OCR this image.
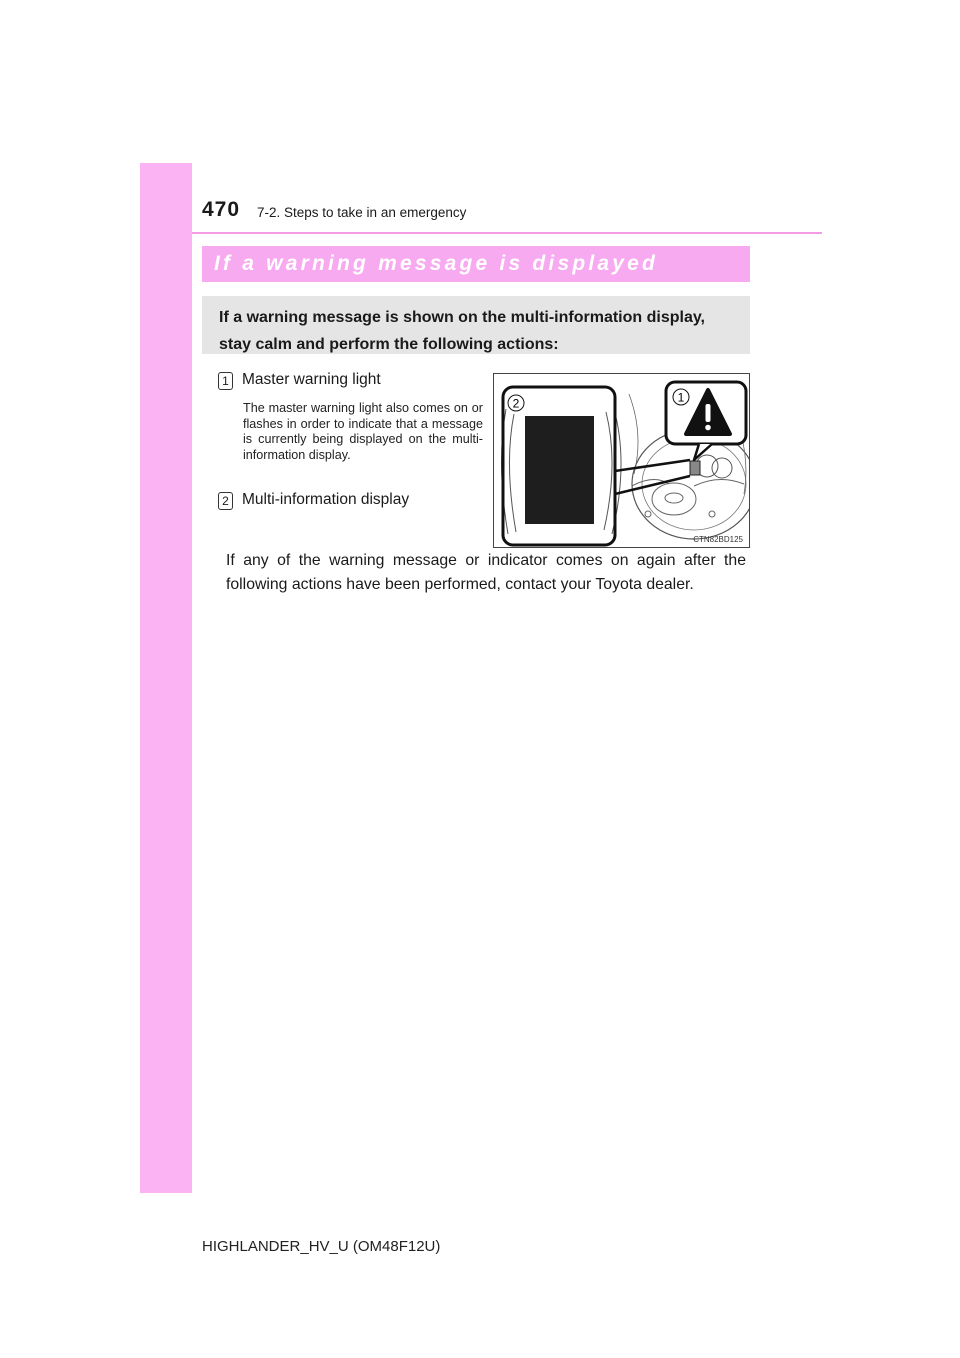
470 7-2. Steps to take in an emergency
If a warning message is displayed
If a warning message is shown on the multi-information display, stay calm and perform the following actions:
1 Master warning light
The master warning light also comes on or flashes in order to indicate that a message is currently being displayed on the multi-information display.
2 Multi-information display
1
2
CTN82BD125
If any of the warning message or indicator comes on again after the following actions have been performed, contact your Toyota dealer.
HIGHLANDER_HV_U (OM48F12U)
